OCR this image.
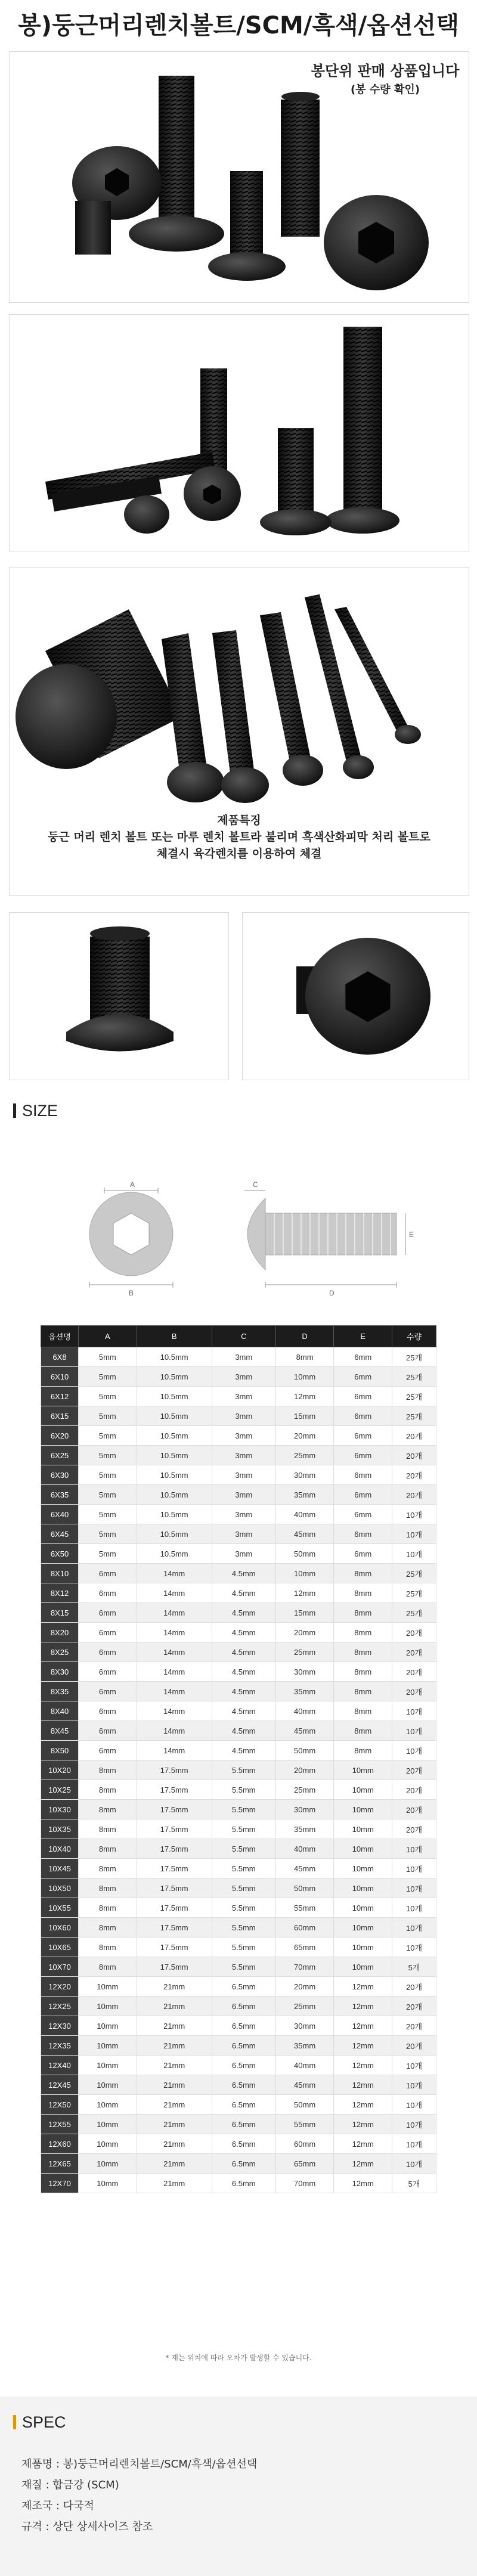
봉)둥근머리렌치볼트/SCM/흑색/옵션선택
봉단위 판매 상품입니다
(봉 수량 확인)
제품특징
둥근 머리 렌치 볼트 또는 마루 렌치 볼트라 불리며 흑색산화피막 처리 볼트로
체결시 육각렌치를 이용하여 체결
SIZE
A
B
C
E
D
옵션명	A	B	C	D	E	수량
6X8	5mm	10.5mm	3mm	8mm	6mm	25개
6X10	5mm	10.5mm	3mm	10mm	6mm	25개
6X12	5mm	10.5mm	3mm	12mm	6mm	25개
6X15	5mm	10.5mm	3mm	15mm	6mm	25개
6X20	5mm	10.5mm	3mm	20mm	6mm	20개
6X25	5mm	10.5mm	3mm	25mm	6mm	20개
6X30	5mm	10.5mm	3mm	30mm	6mm	20개
6X35	5mm	10.5mm	3mm	35mm	6mm	20개
6X40	5mm	10.5mm	3mm	40mm	6mm	10개
6X45	5mm	10.5mm	3mm	45mm	6mm	10개
6X50	5mm	10.5mm	3mm	50mm	6mm	10개
8X10	6mm	14mm	4.5mm	10mm	8mm	25개
8X12	6mm	14mm	4.5mm	12mm	8mm	25개
8X15	6mm	14mm	4.5mm	15mm	8mm	25개
8X20	6mm	14mm	4.5mm	20mm	8mm	20개
8X25	6mm	14mm	4.5mm	25mm	8mm	20개
8X30	6mm	14mm	4.5mm	30mm	8mm	20개
8X35	6mm	14mm	4.5mm	35mm	8mm	20개
8X40	6mm	14mm	4.5mm	40mm	8mm	10개
8X45	6mm	14mm	4.5mm	45mm	8mm	10개
8X50	6mm	14mm	4.5mm	50mm	8mm	10개
10X20	8mm	17.5mm	5.5mm	20mm	10mm	20개
10X25	8mm	17.5mm	5.5mm	25mm	10mm	20개
10X30	8mm	17.5mm	5.5mm	30mm	10mm	20개
10X35	8mm	17.5mm	5.5mm	35mm	10mm	20개
10X40	8mm	17.5mm	5.5mm	40mm	10mm	10개
10X45	8mm	17.5mm	5.5mm	45mm	10mm	10개
10X50	8mm	17.5mm	5.5mm	50mm	10mm	10개
10X55	8mm	17.5mm	5.5mm	55mm	10mm	10개
10X60	8mm	17.5mm	5.5mm	60mm	10mm	10개
10X65	8mm	17.5mm	5.5mm	65mm	10mm	10개
10X70	8mm	17.5mm	5.5mm	70mm	10mm	5개
12X20	10mm	21mm	6.5mm	20mm	12mm	20개
12X25	10mm	21mm	6.5mm	25mm	12mm	20개
12X30	10mm	21mm	6.5mm	30mm	12mm	20개
12X35	10mm	21mm	6.5mm	35mm	12mm	20개
12X40	10mm	21mm	6.5mm	40mm	12mm	10개
12X45	10mm	21mm	6.5mm	45mm	12mm	10개
12X50	10mm	21mm	6.5mm	50mm	12mm	10개
12X55	10mm	21mm	6.5mm	55mm	12mm	10개
12X60	10mm	21mm	6.5mm	60mm	12mm	10개
12X65	10mm	21mm	6.5mm	65mm	12mm	10개
12X70	10mm	21mm	6.5mm	70mm	12mm	5개
* 재는 위치에 따라 오차가 발생할 수 있습니다.
SPEC
제품명 : 봉)둥근머리렌치볼트/SCM/흑색/옵션선택
재질 : 합금강 (SCM)
제조국 : 다국적
규격 : 상단 상세사이즈 참조
